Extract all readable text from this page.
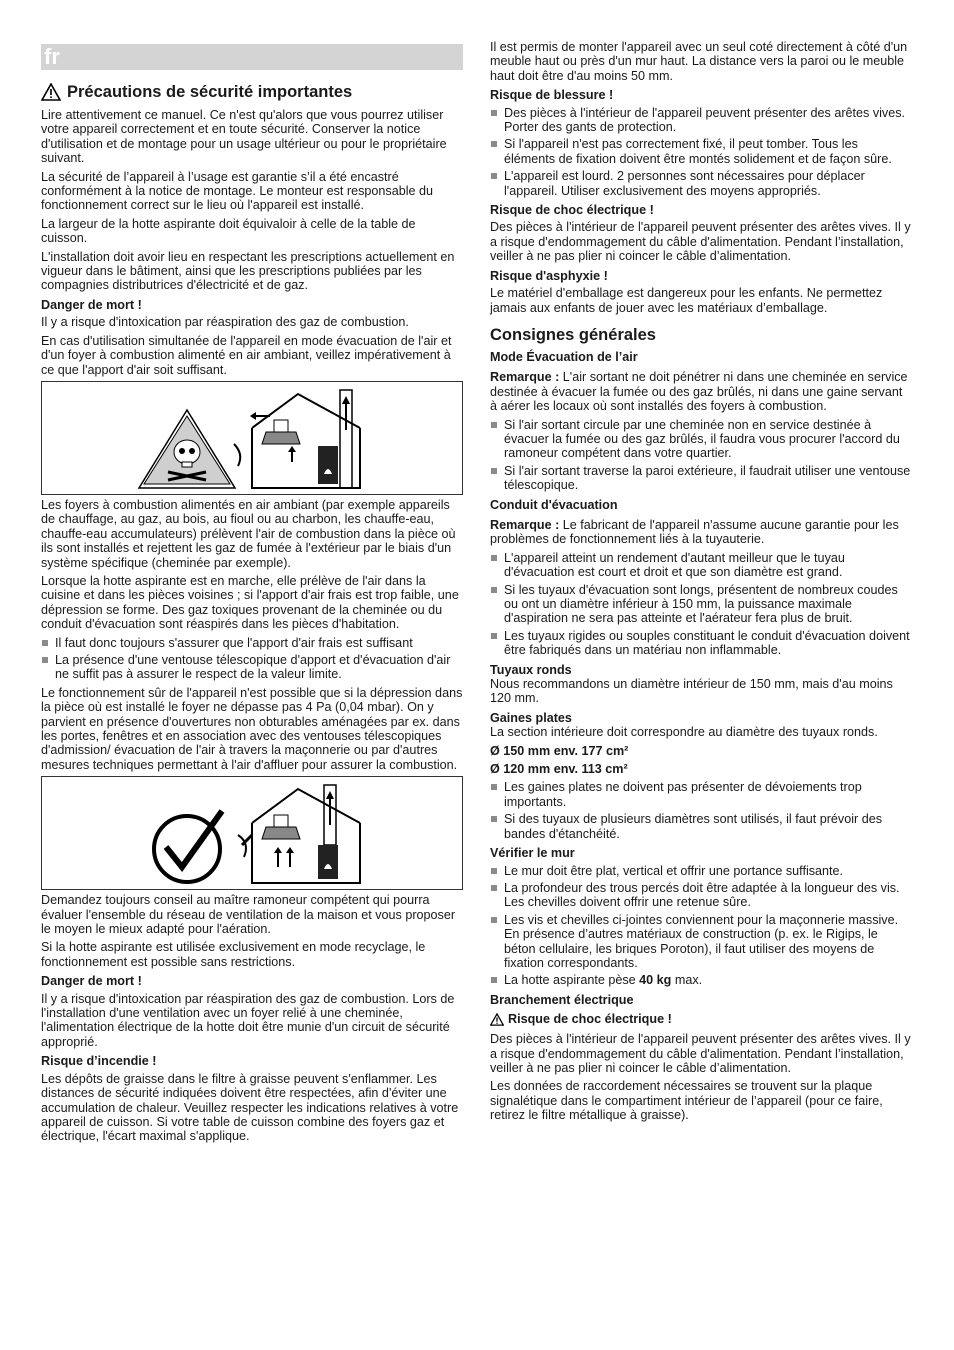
fr
Précautions de sécurité importantes

Lire attentivement ce manuel. Ce n'est qu'alors que vous pourrez utiliser votre appareil correctement et en toute sécurité. Conserver la notice d'utilisation et de montage pour un usage ultérieur ou pour le propriétaire suivant.

La sécurité de l’appareil à l’usage est garantie s’il a été encastré conformément à la notice de montage. Le monteur est responsable du fonctionnement correct sur le lieu où l'appareil est installé.

La largeur de la hotte aspirante doit équivaloir à celle de la table de cuisson.

L'installation doit avoir lieu en respectant les prescriptions actuellement en vigueur dans le bâtiment, ainsi que les prescriptions publiées par les compagnies distributrices d'électricité et de gaz.

Danger de mort !

Il y a risque d'intoxication par réaspiration des gaz de combustion.

En cas d'utilisation simultanée de l'appareil en mode évacuation de l'air et d'un foyer à combustion alimenté en air ambiant, veillez impérativement à ce que l'apport d'air soit suffisant.

Les foyers à combustion alimentés en air ambiant (par exemple appareils de chauffage, au gaz, au bois, au fioul ou au charbon, les chauffe-eau, chauffe-eau accumulateurs) prélèvent l'air de combustion dans la pièce où ils sont installés et rejettent les gaz de fumée à l'extérieur par le biais d'un système spécifique (cheminée par exemple).

Lorsque la hotte aspirante est en marche, elle prélève de l'air dans la cuisine et dans les pièces voisines ; si l'apport d'air frais est trop faible, une dépression se forme. Des gaz toxiques provenant de la cheminée ou du conduit d'évacuation sont réaspirés dans les pièces d'habitation.

Il faut donc toujours s'assurer que l'apport d'air frais est suffisant
La présence d'une ventouse télescopique d'apport et d'évacuation d'air ne suffit pas à assurer le respect de la valeur limite.

Le fonctionnement sûr de l'appareil n'est possible que si la dépression dans la pièce où est installé le foyer ne dépasse pas 4 Pa (0,04 mbar). On y parvient en présence d'ouvertures non obturables aménagées par ex. dans les portes, fenêtres et en association avec des ventouses télescopiques d'admission/ évacuation de l'air à travers la maçonnerie ou par d'autres mesures techniques permettant à l'air d'affluer pour assurer la combustion.

Demandez toujours conseil au maître ramoneur compétent qui pourra évaluer l'ensemble du réseau de ventilation de la maison et vous proposer le moyen le mieux adapté pour l'aération.

Si la hotte aspirante est utilisée exclusivement en mode recyclage, le fonctionnement est possible sans restrictions.

Danger de mort !

Il y a risque d'intoxication par réaspiration des gaz de combustion. Lors de l'installation d'une ventilation avec un foyer relié à une cheminée, l'alimentation électrique de la hotte doit être munie d'un circuit de sécurité approprié.

Risque d’incendie !

Les dépôts de graisse dans le filtre à graisse peuvent s'enflammer. Les distances de sécurité indiquées doivent être respectées, afin d'éviter une accumulation de chaleur. Veuillez respecter les indications relatives à votre appareil de cuisson. Si votre table de cuisson combine des foyers gaz et électrique, l'écart maximal s'applique.

Il est permis de monter l'appareil avec un seul coté directement à côté d'un meuble haut ou près d'un mur haut. La distance vers la paroi ou le meuble haut doit être d'au moins 50 mm.

Risque de blessure !
Des pièces à l'intérieur de l'appareil peuvent présenter des arêtes vives. Porter des gants de protection.
Si l'appareil n'est pas correctement fixé, il peut tomber. Tous les éléments de fixation doivent être montés solidement et de façon sûre.
L'appareil est lourd. 2 personnes sont nécessaires pour déplacer l'appareil. Utiliser exclusivement des moyens appropriés.
Risque de choc électrique !

Des pièces à l'intérieur de l'appareil peuvent présenter des arêtes vives. Il y a risque d'endommagement du câble d'alimentation. Pendant l’installation, veiller à ne pas plier ni coincer le câble d’alimentation.

Risque d'asphyxie !

Le matériel d'emballage est dangereux pour les enfants. Ne permettez jamais aux enfants de jouer avec les matériaux d’emballage.

Consignes générales
Mode Évacuation de l’air

Remarque : L'air sortant ne doit pénétrer ni dans une cheminée en service destinée à évacuer la fumée ou des gaz brûlés, ni dans une gaine servant à aérer les locaux où sont installés des foyers à combustion.

Si l'air sortant circule par une cheminée non en service destinée à évacuer la fumée ou des gaz brûlés, il faudra vous procurer l'accord du ramoneur compétent dans votre quartier.
Si l'air sortant traverse la paroi extérieure, il faudrait utiliser une ventouse télescopique.
Conduit d'évacuation

Remarque : Le fabricant de l'appareil n'assume aucune garantie pour les problèmes de fonctionnement liés à la tuyauterie.

L'appareil atteint un rendement d'autant meilleur que le tuyau d'évacuation est court et droit et que son diamètre est grand.
Si les tuyaux d'évacuation sont longs, présentent de nombreux coudes ou ont un diamètre inférieur à 150 mm, la puissance maximale d'aspiration ne sera pas atteinte et l'aérateur fera plus de bruit.
Les tuyaux rigides ou souples constituant le conduit d'évacuation doivent être fabriqués dans un matériau non inflammable.
Tuyaux ronds

Nous recommandons un diamètre intérieur de 150 mm, mais d'au moins 120 mm.

Gaines plates

La section intérieure doit correspondre au diamètre des tuyaux ronds.

Ø 150 mm env. 177 cm²

Ø 120 mm env. 113 cm²

Les gaines plates ne doivent pas présenter de dévoiements trop importants.
Si des tuyaux de plusieurs diamètres sont utilisés, il faut prévoir des bandes d'étanchéité.
Vérifier le mur
Le mur doit être plat, vertical et offrir une portance suffisante.
La profondeur des trous percés doit être adaptée à la longueur des vis. Les chevilles doivent offrir une retenue sûre.
Les vis et chevilles ci-jointes conviennent pour la maçonnerie massive. En présence d’autres matériaux de construction (p. ex. le Rigips, le béton cellulaire, les briques Poroton), il faut utiliser des moyens de fixation correspondants.
La hotte aspirante pèse 40 kg max.
Branchement électrique
Risque de choc électrique !

Des pièces à l'intérieur de l'appareil peuvent présenter des arêtes vives. Il y a risque d'endommagement du câble d'alimentation. Pendant l’installation, veiller à ne pas plier ni coincer le câble d’alimentation.

Les données de raccordement nécessaires se trouvent sur la plaque signalétique dans le compartiment intérieur de l’appareil (pour ce faire, retirez le filtre métallique à graisse).
